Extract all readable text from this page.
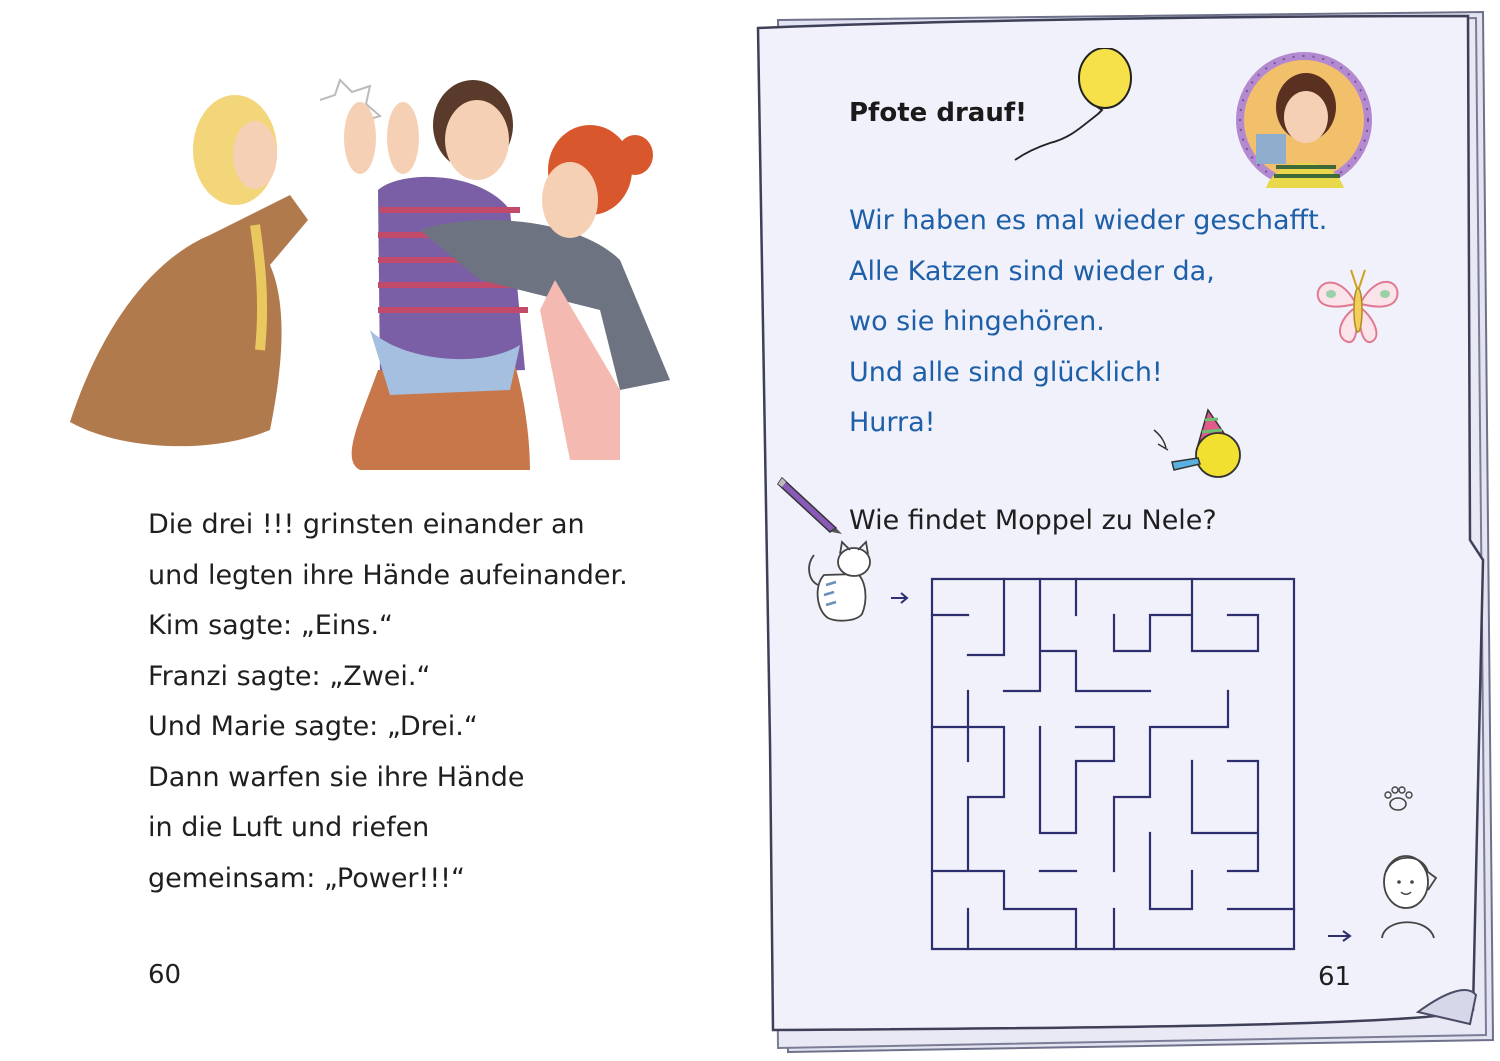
Die drei !!! grinsten einander an
und legten ihre Hände aufeinander.
Kim sagte: „Eins.“
Franzi sagte: „Zwei.“
Und Marie sagte: „Drei.“
Dann warfen sie ihre Hände
in die Luft und riefen
gemeinsam: „Power!!!“
60
Pfote drauf!
Wir haben es mal wieder geschafft.
Alle Katzen sind wieder da,
wo sie hingehören.
Und alle sind glücklich!
Hurra!
Wie findet Moppel zu Nele?
61
